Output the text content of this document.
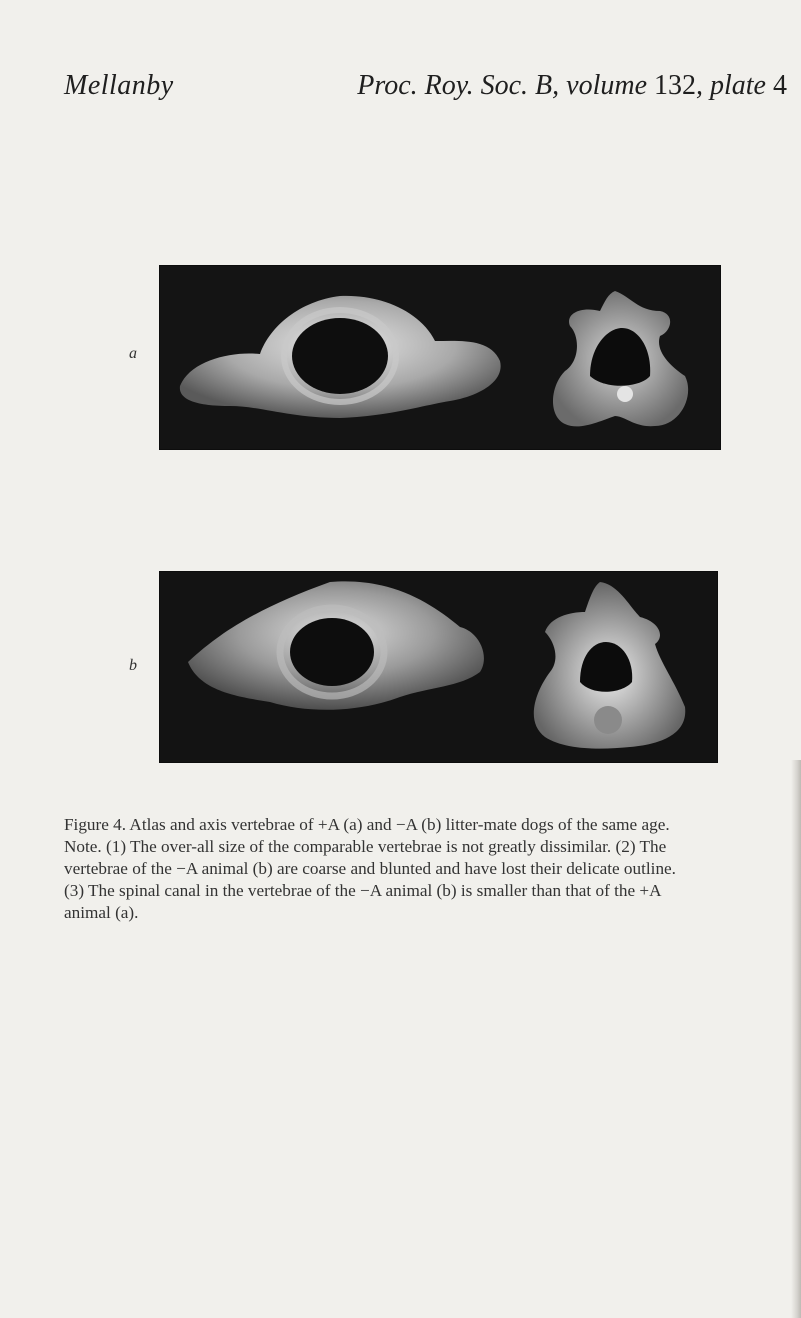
Mellanby	Proc. Roy. Soc. B, volume 132, plate 4
a
b
Figure 4. Atlas and axis vertebrae of +A (a) and −A (b) litter-mate dogs of the same age.
Note. (1) The over-all size of the comparable vertebrae is not greatly dissimilar. (2) The
vertebrae of the −A animal (b) are coarse and blunted and have lost their delicate outline.
(3) The spinal canal in the vertebrae of the −A animal (b) is smaller than that of the +A
animal (a).
